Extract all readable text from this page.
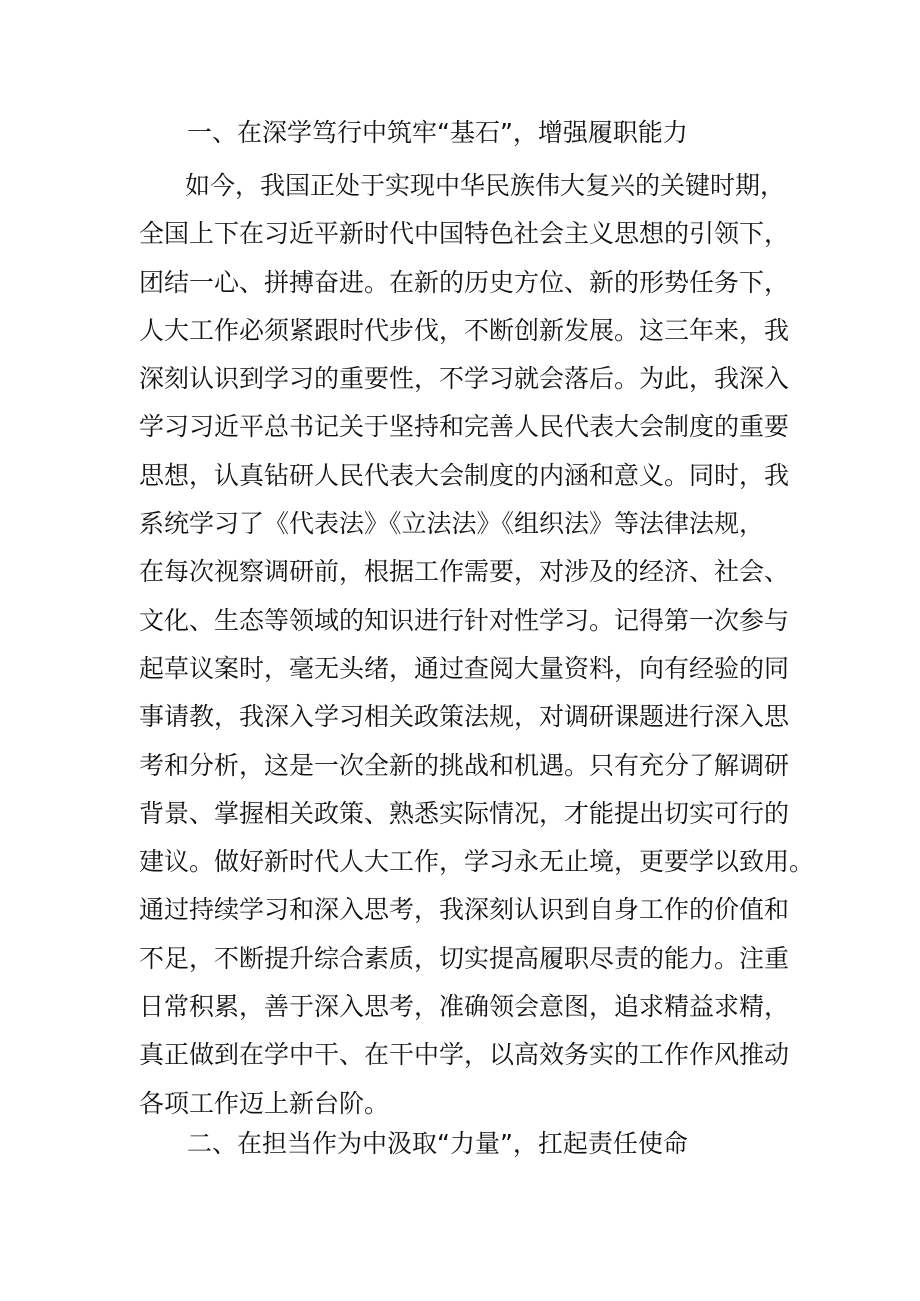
一、在深学笃行中筑牢“基石”，增强履职能力
如今，我国正处于实现中华民族伟大复兴的关键时期，
全国上下在习近平新时代中国特色社会主义思想的引领下，
团结一心、拼搏奋进。在新的历史方位、新的形势任务下，
人大工作必须紧跟时代步伐，不断创新发展。这三年来，我
深刻认识到学习的重要性，不学习就会落后。为此，我深入
学习习近平总书记关于坚持和完善人民代表大会制度的重要
思想，认真钻研人民代表大会制度的内涵和意义。同时，我
系统学习了《代表法》《立法法》《组织法》等法律法规，
在每次视察调研前，根据工作需要，对涉及的经济、社会、
文化、生态等领域的知识进行针对性学习。记得第一次参与
起草议案时，毫无头绪，通过查阅大量资料，向有经验的同
事请教，我深入学习相关政策法规，对调研课题进行深入思
考和分析，这是一次全新的挑战和机遇。只有充分了解调研
背景、掌握相关政策、熟悉实际情况，才能提出切实可行的
建议。做好新时代人大工作，学习永无止境，更要学以致用。
通过持续学习和深入思考，我深刻认识到自身工作的价值和
不足，不断提升综合素质，切实提高履职尽责的能力。注重
日常积累，善于深入思考，准确领会意图，追求精益求精，
真正做到在学中干、在干中学，以高效务实的工作作风推动
各项工作迈上新台阶。
二、在担当作为中汲取“力量”，扛起责任使命
